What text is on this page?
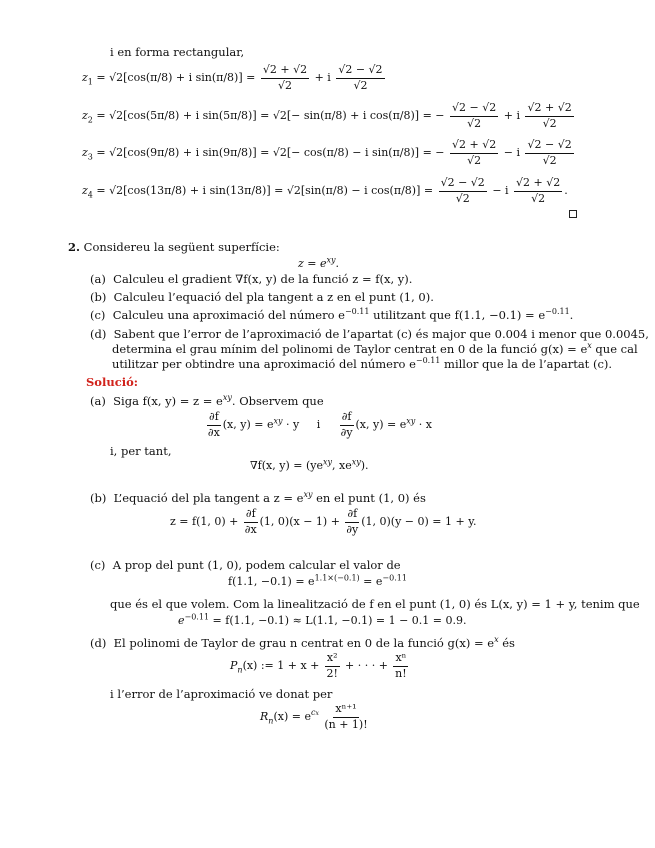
i en forma rectangular,
$z_1 = √2[\cos(\pi/8) + i$ $\sin(\pi/8)] = \frac{√2 + √2}{√2} + i \frac{√2 - √2}{√2}$
$z_2 = √2[\cos(5\pi/8) + i$ sin(5π/8)] = √2[− sin(π/8) + i cos(π/8)] = − $\frac{√2 - √2}{√2} + i \frac{√2 + √2}{√2}$
$z_3 = √2[\cos(9\pi/8) + i$ sin(9π/8)] = √2[− cos(π/8) − i sin(π/8)] = − $\frac{√2 + √2}{√2} - i \frac{√2 - √2}{√2}$
$z_4 = √2[\cos(13\pi/8) + i$ sin(13π/8)] = √2[sin(π/8) − i $\cos(\pi/8)] = \frac{√2 - √2}{√2} - i \frac{√2 + √2}{√2}$ .
2. Considereu la següent superfície:
$z = e^{xy}$.
(a) Calculeu el gradient ∇f(x, y) de la funció z = f(x, y).
(b) Calculeu l’equació del pla tangent a z en el punt (1, 0).
(c) Calculeu una aproximació del número $e^{-0.11}$ utilitzant que f(1.1, $-0.1) = e^{-0.11}$.
(d) Sabent que l’error de l’aproximació de l’apartat (c) és major que 0.004 i menor que 0.0045,
determina el grau mínim del polinomi de Taylor centrat en 0 de la funció $g(x) = e^x$ que cal
utilitzar per obtindre una aproximació del número $e^{-0.11}$ millor que la de l’apartat (c).
Solució:
(a) Siga f(x, $y) = z = e^{xy}$. Observem que
$\frac{\partial f}{\partial x} (x$, $y) = e^{xy} \cdot y$ i $\frac{\partial f}{\partial y} (x$, $y) = e^{xy} \cdot x$
i, per tant,
∇f(x, $y) = (ye^{xy}$, $xe^{xy}$).
(b) L’equació del pla tangent a $z = e^{xy}$ en el punt (1, 0) és
z = f(1, $0) + \frac{\partial f}{\partial x} (1$, $0)(x - 1) + \frac{\partial f}{\partial y} (1$, 0)(y − 0) = 1 + y.
(c) A prop del punt (1, 0), podem calcular el valor de
f(1.1, $-0.1) = e^{1.1\times(-0.1)} = e^{-0.11}$
que és el que volem. Com la linealització de f en el punt (1, 0) és L(x, y) = 1 + y, tenim que
$e^{-0.11} = f(1.1$, −0.1) ≈ L(1.1, −0.1) = 1 − 0.1 = 0.9.
(d) El polinomi de Taylor de grau n centrat en 0 de la funció $g(x) = e^x$ és
$P_n(x)$ := $1 + x + \frac{\text{x²}}{2!}$ + · · · + $\frac{\text{xⁿ}}{n!}$
i l’error de l’aproximació ve donat per
$R_n(x) = e^{cx} \frac{\text{xⁿ⁺¹}}{(n + 1)!}$
